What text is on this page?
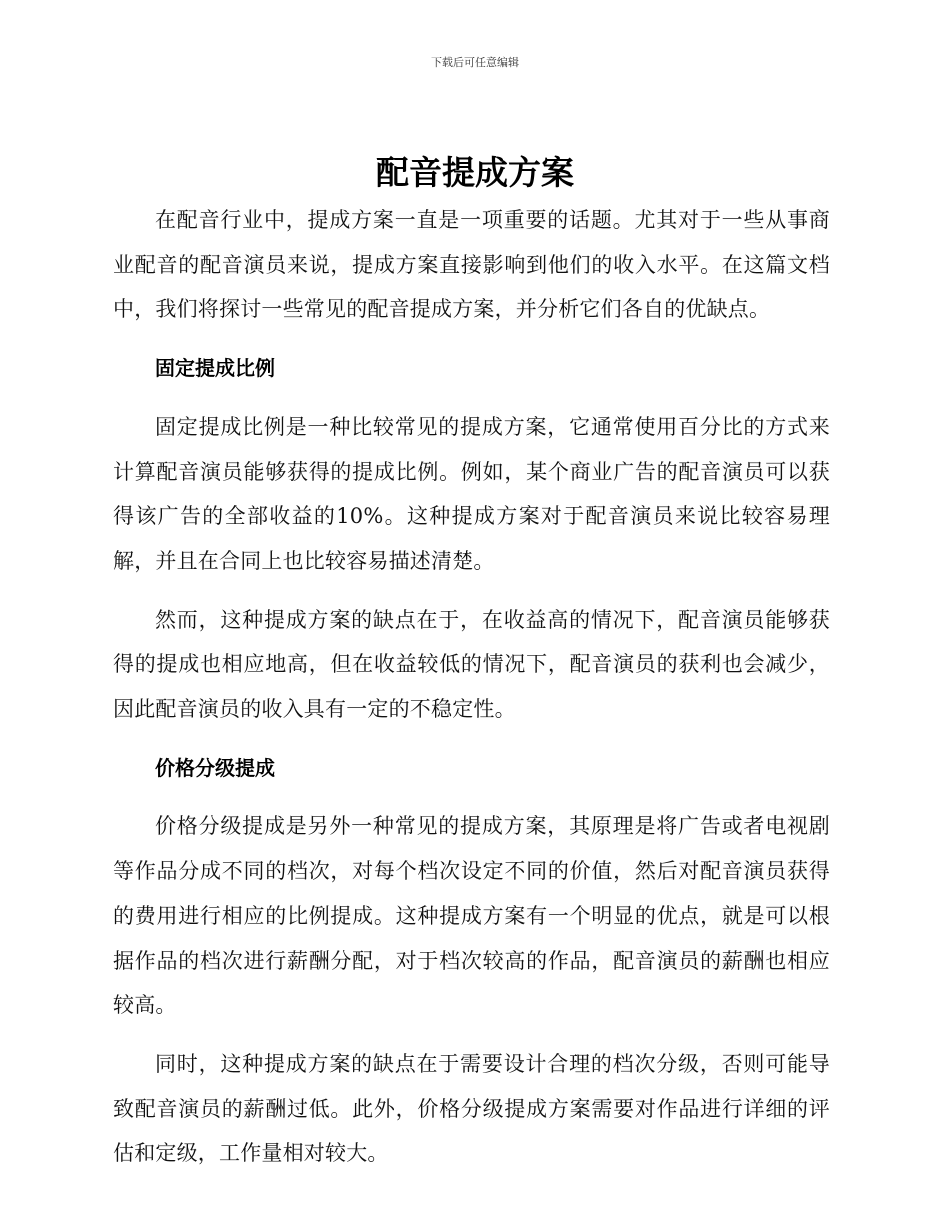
下载后可任意编辑
配音提成方案

在配音行业中，提成方案一直是一项重要的话题。尤其对于一些从事商业配音的配音演员来说，提成方案直接影响到他们的收入水平。在这篇文档中，我们将探讨一些常见的配音提成方案，并分析它们各自的优缺点。

固定提成比例

固定提成比例是一种比较常见的提成方案，它通常使用百分比的方式来计算配音演员能够获得的提成比例。例如，某个商业广告的配音演员可以获得该广告的全部收益的10%。这种提成方案对于配音演员来说比较容易理解，并且在合同上也比较容易描述清楚。

然而，这种提成方案的缺点在于，在收益高的情况下，配音演员能够获得的提成也相应地高，但在收益较低的情况下，配音演员的获利也会减少，因此配音演员的收入具有一定的不稳定性。

价格分级提成

价格分级提成是另外一种常见的提成方案，其原理是将广告或者电视剧等作品分成不同的档次，对每个档次设定不同的价值，然后对配音演员获得的费用进行相应的比例提成。这种提成方案有一个明显的优点，就是可以根据作品的档次进行薪酬分配，对于档次较高的作品，配音演员的薪酬也相应较高。

同时，这种提成方案的缺点在于需要设计合理的档次分级，否则可能导致配音演员的薪酬过低。此外，价格分级提成方案需要对作品进行详细的评估和定级，工作量相对较大。
